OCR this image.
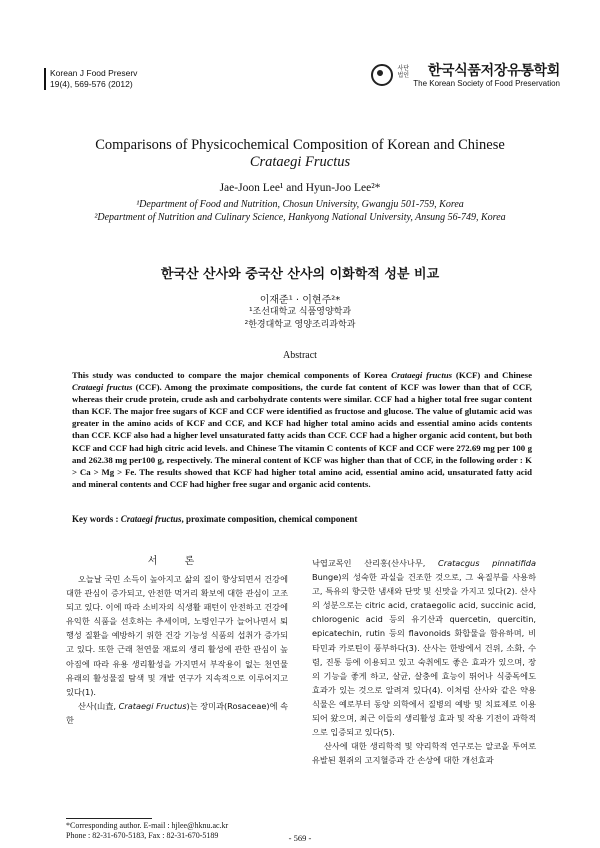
Korean J Food Preserv
19(4), 569-576 (2012)
사단법인	한국식품저장유통학회
The Korean Society of Food Preservation
Comparisons of Physicochemical Composition of Korean and Chinese
Crataegi Fructus
Jae-Joon Lee¹ and Hyun-Joo Lee²*
¹Department of Food and Nutrition, Chosun University, Gwangju 501-759, Korea
²Department of Nutrition and Culinary Science, Hankyong National University, Ansung 56-749, Korea
한국산 산사와 중국산 산사의 이화학적 성분 비교
이재준¹ · 이현주²*
¹조선대학교 식품영양학과
²한경대학교 영양조리과학과
Abstract
This study was conducted to compare the major chemical components of Korea Crataegi fructus (KCF) and Chinese Crataegi fructus (CCF). Among the proximate compositions, the curde fat content of KCF was lower than that of CCF, whereas their crude protein, crude ash and carbohydrate contents were similar. CCF had a higher total free sugar content than KCF. The major free sugars of KCF and CCF were identified as fructose and glucose. The value of glutamic acid was greater in the amino acids of KCF and CCF, and KCF had higher total amino acids and essential amino acids contents than CCF. KCF also had a higher level unsaturated fatty acids than CCF. CCF had a higher organic acid content, but both KCF and CCF had high citric acid levels. and Chinese The vitamin C contents of KCF and CCF were 272.69 mg per 100 g and 262.38 mg per100 g, respectively. The mineral content of KCF was higher than that of CCF, in the following order : K > Ca > Mg > Fe. The results showed that KCF had higher total amino acid, essential amino acid, unsaturated fatty acid and mineral contents and CCF had higher free sugar and organic acid contents.
Key words : Crataegi fructus, proximate composition, chemical component
서 론

오늘날 국민 소득이 높아지고 삶의 질이 향상되면서 건강에 대한 관심이 증가되고, 안전한 먹거리 확보에 대한 관심이 고조되고 있다. 이에 따라 소비자의 식생활 패턴이 안전하고 건강에 유익한 식품을 선호하는 추세이며, 노령인구가 늘어나면서 퇴행성 질환을 예방하기 위한 건강 기능성 식품의 섭취가 증가되고 있다. 또한 근래 천연물 재료의 생리 활성에 관한 관심이 높아짐에 따라 유용 생리활성을 가지면서 부작용이 없는 천연물 유래의 활성물질 탐색 및 개발 연구가 지속적으로 이루어지고 있다(1).

산사(山査, Crataegi Fructus)는 장미과(Rosaceae)에 속한

낙엽교목인 산리홍(산사나무, Cratacgus pinnatifida Bunge)의 성숙한 과실을 건조한 것으로, 그 육질부를 사용하고, 특유의 향긋한 냄새와 단맛 및 신맛을 가지고 있다(2). 산사의 성분으로는 citric acid, crataegolic acid, succinic acid, chlorogenic acid 등의 유기산과 quercetin, quercitin, epicatechin, rutin 등의 flavonoids 화합물을 함유하며, 비타민과 카로틴이 풍부하다(3). 산사는 한방에서 건위, 소화, 수렴, 진통 등에 이용되고 있고 숙취에도 좋은 효과가 있으며, 장의 기능을 좋게 하고, 살균, 살충에 효능이 뛰어나 식중독에도 효과가 있는 것으로 알려져 있다(4). 이처럼 산사와 같은 약용식물은 예로부터 동양 의학에서 질병의 예방 및 치료제로 이용되어 왔으며, 최근 이들의 생리활성 효과 및 작용 기전이 과학적으로 입증되고 있다(5).

산사에 대한 생리학적 및 약리학적 연구로는 알코올 투여로 유발된 흰쥐의 고지혈증과 간 손상에 대한 개선효과

*Corresponding author. E-mail : hjlee@hknu.ac.kr
Phone : 82-31-670-5183, Fax : 82-31-670-5189	- 569 -
